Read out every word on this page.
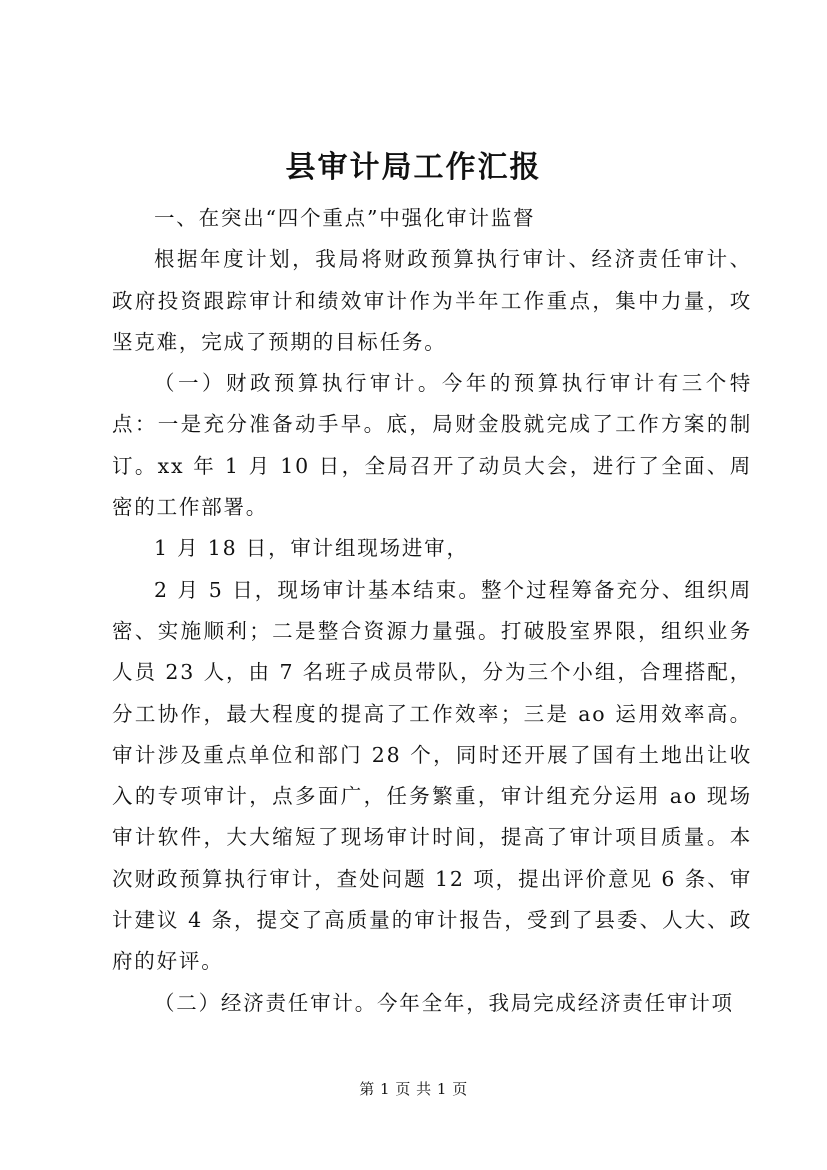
县审计局工作汇报

一、在突出“四个重点”中强化审计监督

根据年度计划，我局将财政预算执行审计、经济责任审计、政府投资跟踪审计和绩效审计作为半年工作重点，集中力量，攻坚克难，完成了预期的目标任务。

（一）财政预算执行审计。今年的预算执行审计有三个特点：一是充分准备动手早。底，局财金股就完成了工作方案的制订。xx 年 1 月 10 日，全局召开了动员大会，进行了全面、周密的工作部署。

1 月 18 日，审计组现场进审，

2 月 5 日，现场审计基本结束。整个过程筹备充分、组织周密、实施顺利；二是整合资源力量强。打破股室界限，组织业务人员 23 人，由 7 名班子成员带队，分为三个小组，合理搭配，分工协作，最大程度的提高了工作效率；三是 ao 运用效率高。审计涉及重点单位和部门 28 个，同时还开展了国有土地出让收入的专项审计，点多面广，任务繁重，审计组充分运用 ao 现场审计软件，大大缩短了现场审计时间，提高了审计项目质量。本次财政预算执行审计，查处问题 12 项，提出评价意见 6 条、审计建议 4 条，提交了高质量的审计报告，受到了县委、人大、政府的好评。

（二）经济责任审计。今年全年，我局完成经济责任审计项

第 1 页 共 1 页
